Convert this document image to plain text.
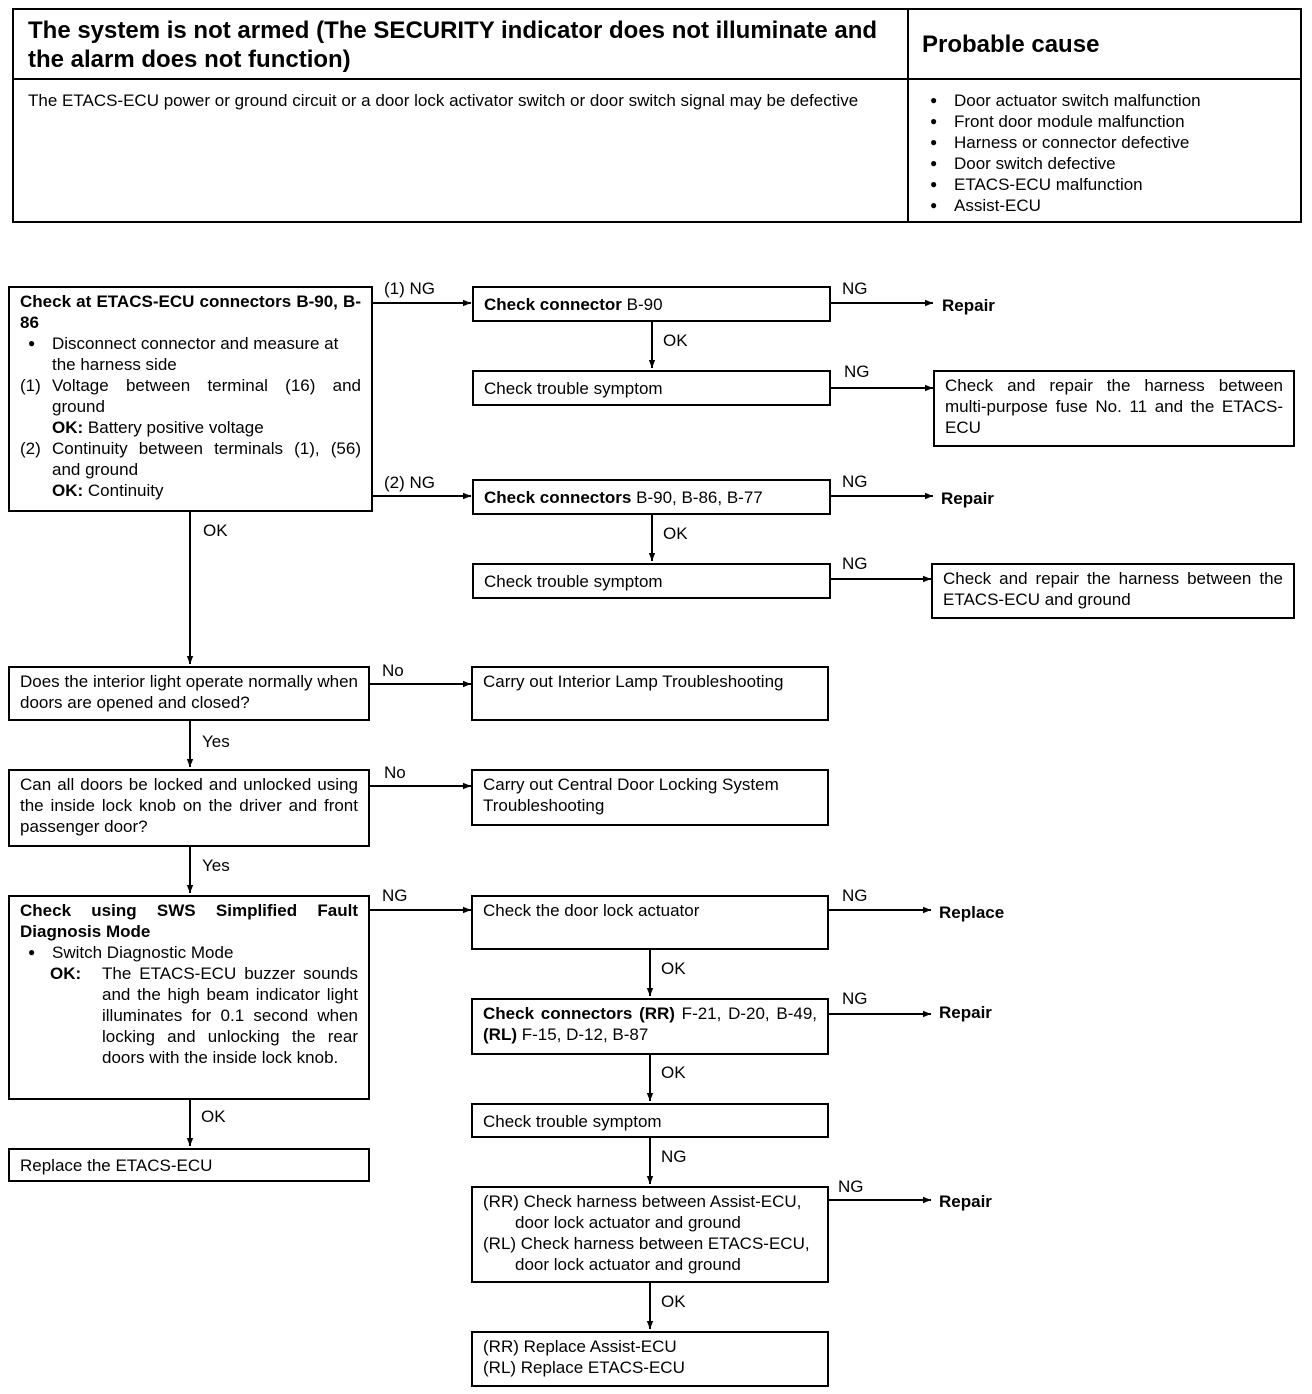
The system is not armed (The SECURITY indicator does not illuminate and the alarm does not function)
Probable cause
The ETACS-ECU power or ground circuit or a door lock activator switch or door switch signal may be defective
●	Door actuator switch malfunction
● Front door module malfunction
● Harness or connector defective
● Door switch defective
● ETACS-ECU malfunction
● Assist-ECU
Check at ETACS-ECU connectors B-90, B-86
● Disconnect connector and measure at the harness side
(1) Voltage between terminal (16) and ground
OK: Battery positive voltage
(2) Continuity between terminals (1), (56) and ground
OK: Continuity
Check connector B-90
Check trouble symptom	Check and repair the harness between multi-purpose fuse No. 11 and the ETACS-ECU
Check connectors B-90, B-86, B-77
Check trouble symptom	Check and repair the harness between the ETACS-ECU and ground
Does the interior light operate normally when doors are opened and closed?
Carry out Interior Lamp Troubleshooting
Can all doors be locked and unlocked using the inside lock knob on the driver and front passenger door?
Carry out Central Door Locking System Troubleshooting
Check using SWS Simplified Fault Diagnosis Mode
● Switch Diagnostic Mode
OK:	The ETACS-ECU buzzer sounds and the high beam indicator light illuminates for 0.1 second when locking and unlocking the rear doors with the inside lock knob.
Replace the ETACS-ECU
Check the door lock actuator
Check connectors (RR) F-21, D-20, B-49, (RL) F-15, D-12, B-87
Check trouble symptom
(RR) Check harness between Assist-ECU, door lock actuator and ground
(RL) Check harness between ETACS-ECU, door lock actuator and ground
(RR) Replace Assist-ECU
(RL) Replace ETACS-ECU
Repair
Repair
Replace
Repair
Repair
(1) NG	NG
OK
NG
(2) NG	NG
OK
OK
NG
No
Yes
No
Yes
NG	NG
OK
NG
OK
OK
NG
NG
OK
